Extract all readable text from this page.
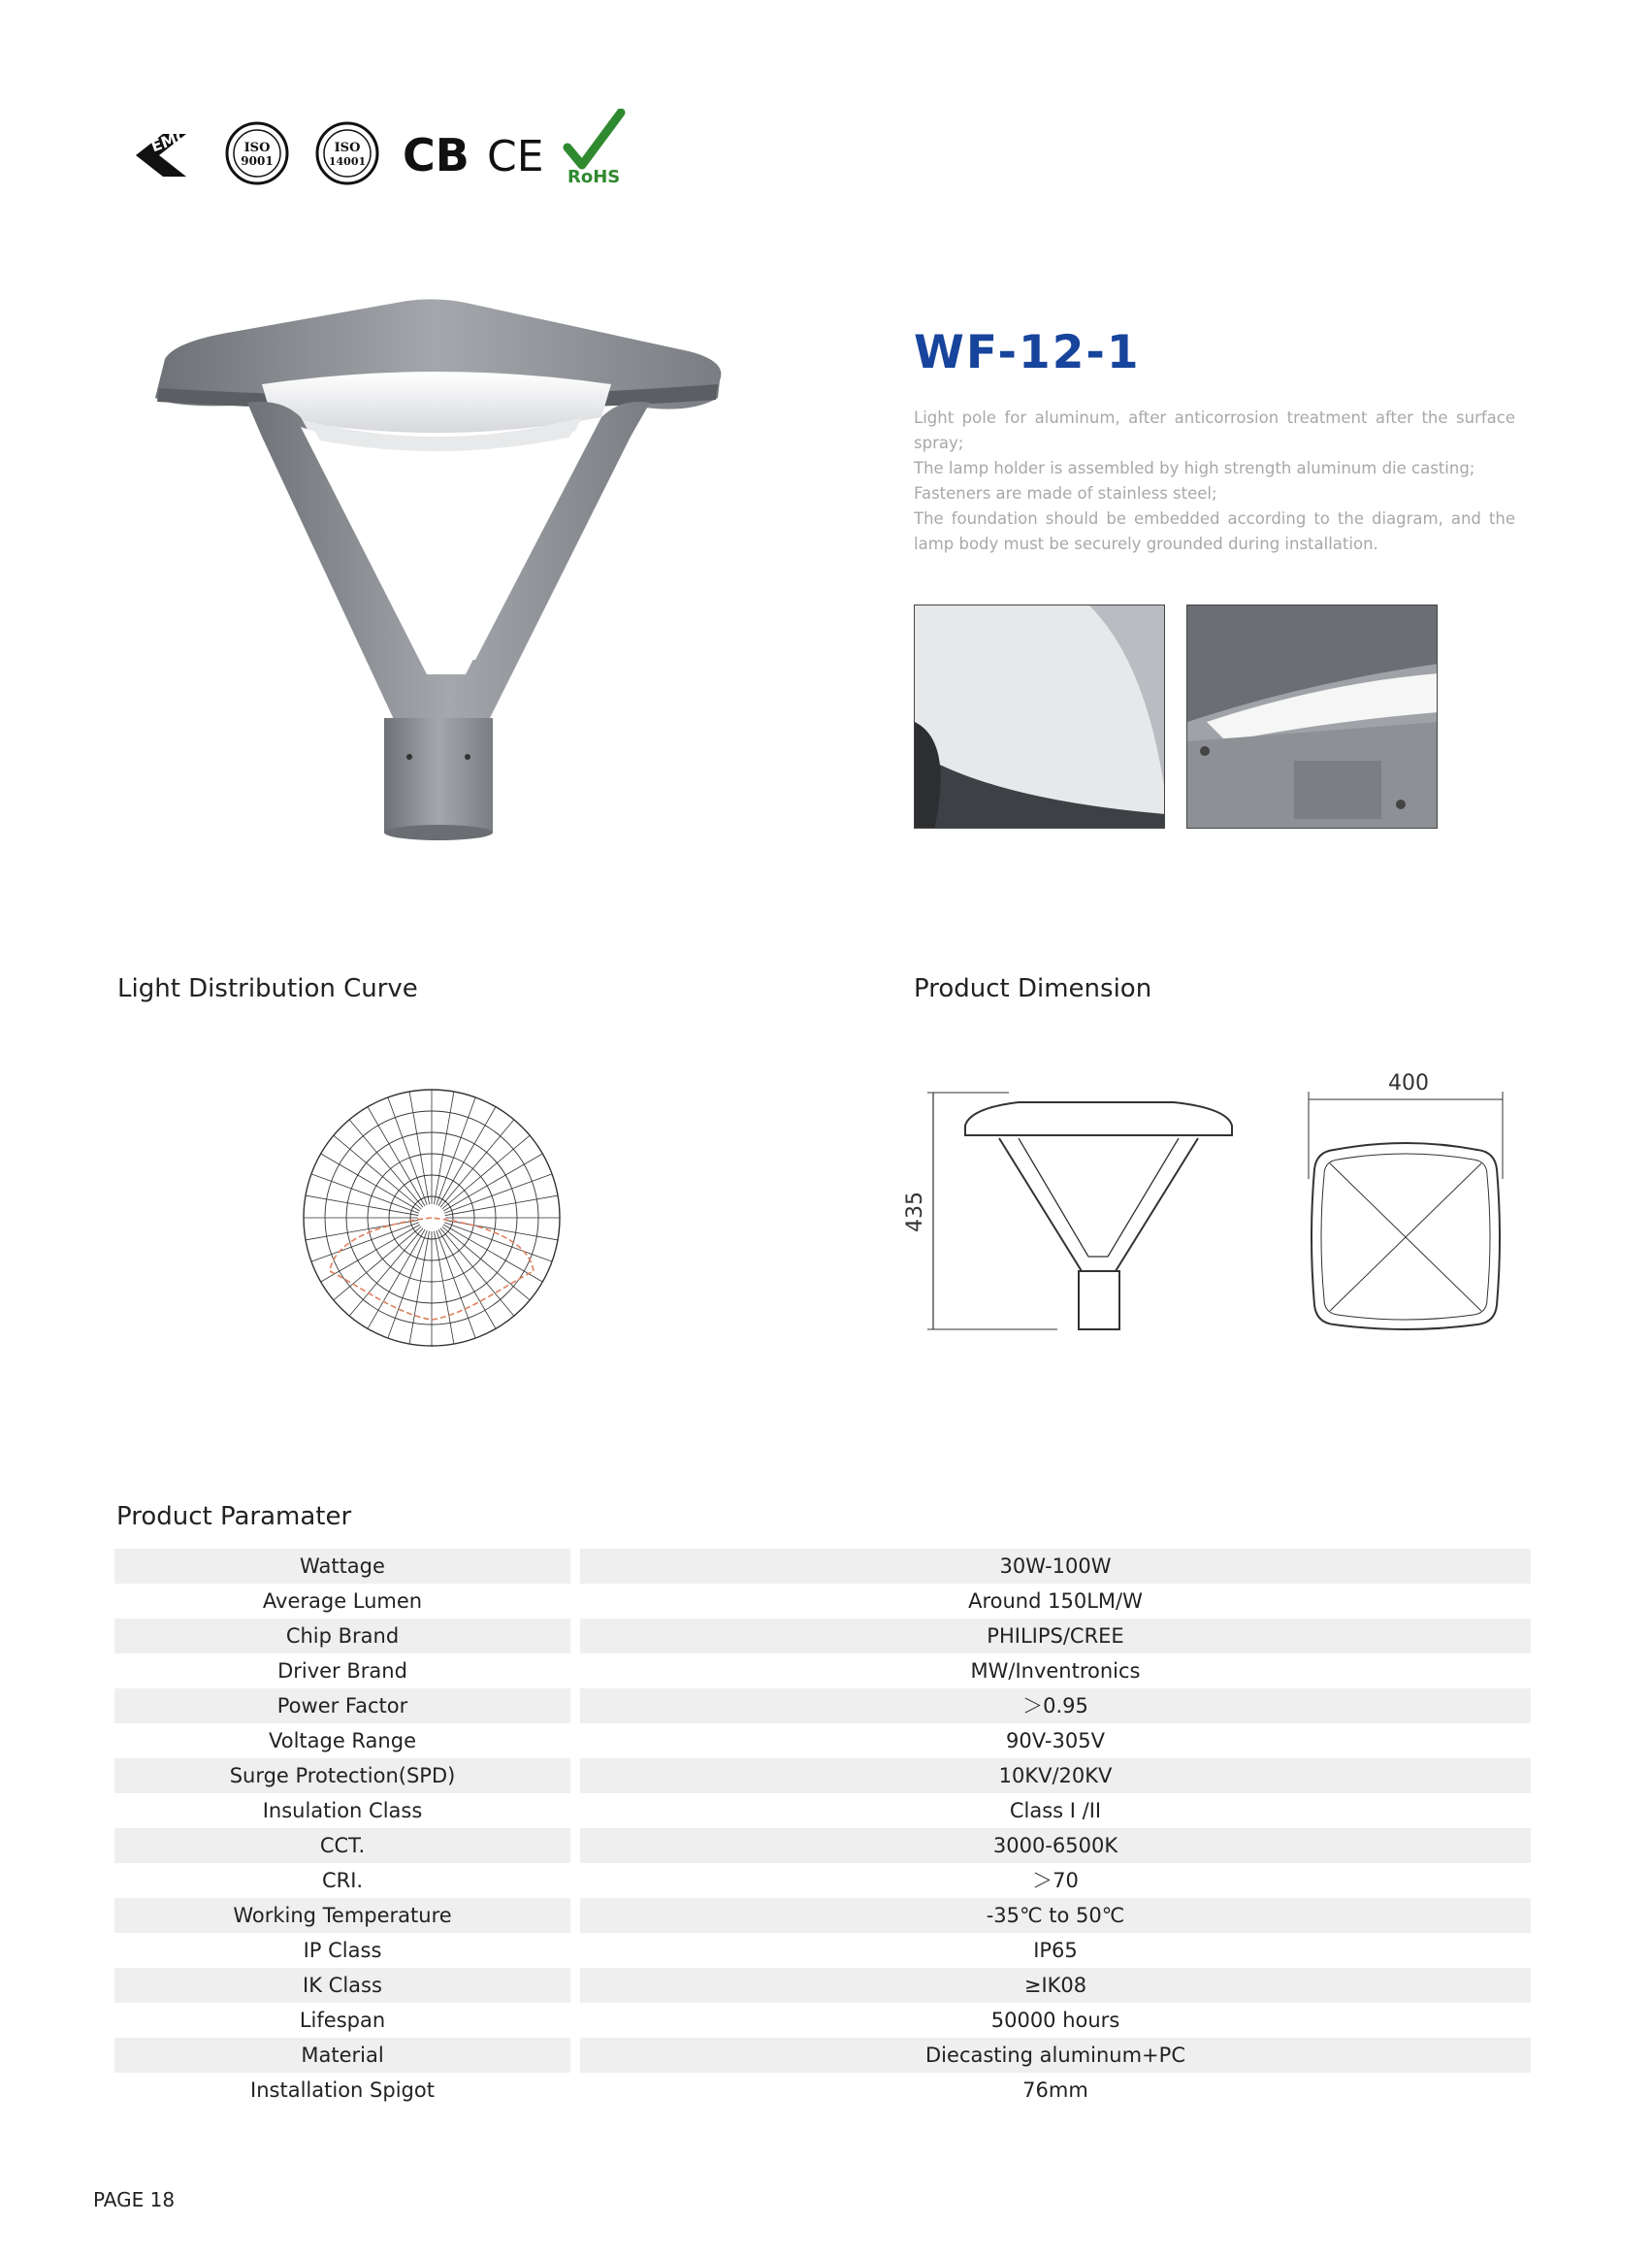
EMC	ISO
9001
ISO
14001 CB CE RoHS
WF-12-1

Light pole for aluminum, after anticorrosion treatment after the surface spray;

The lamp holder is assembled by high strength aluminum die casting;

Fasteners are made of stainless steel;

The foundation should be embedded according to the diagram, and the lamp body must be securely grounded during installation.

Light Distribution Curve	Product Dimension
435
400
Product Paramater
Wattage	30W-100W
Average Lumen	Around 150LM/W
Chip Brand	PHILIPS/CREE
Driver Brand	MW/Inventronics
Power Factor	＞0.95
Voltage Range	90V-305V
Surge Protection(SPD)	10KV/20KV
Insulation Class	Class I /II
CCT.	3000-6500K
CRI.	＞70
Working Temperature	-35℃ to 50℃
IP Class	IP65
IK Class	≥IK08
Lifespan	50000 hours
Material	Diecasting aluminum+PC
Installation Spigot	76mm
PAGE 18
